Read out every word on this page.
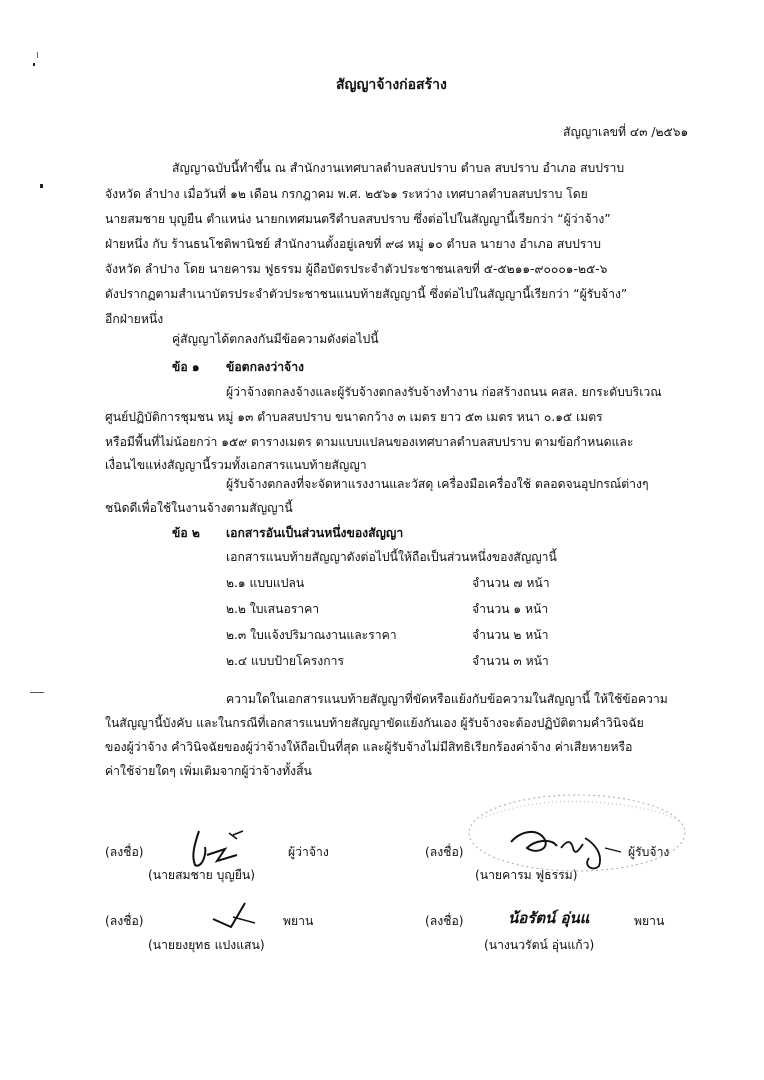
สัญญาจ้างก่อสร้าง
สัญญาเลขที่ ๔๓ /๒๕๖๑
สัญญาฉบับนี้ทำขึ้น ณ สำนักงานเทศบาลตำบลสบปราบ ตำบล สบปราบ อำเภอ สบปราบ
จังหวัด ลำปาง เมื่อวันที่ ๑๒ เดือน กรกฎาคม พ.ศ. ๒๕๖๑ ระหว่าง เทศบาลตำบลสบปราบ โดย
นายสมชาย บุญยืน ตำแหน่ง นายกเทศมนตรีตำบลสบปราบ ซึ่งต่อไปในสัญญานี้เรียกว่า “ผู้ว่าจ้าง”
ฝ่ายหนึ่ง กับ ร้านธนโชติพานิชย์ สำนักงานตั้งอยู่เลขที่ ๙๘ หมู่ ๑๐ ตำบล นายาง อำเภอ สบปราบ
จังหวัด ลำปาง โดย นายคารม ฟูธรรม ผู้ถือบัตรประจำตัวประชาชนเลขที่ ๕-๕๒๑๑-๙๐๐๐๑-๒๕-๖
ดังปรากฏตามสำเนาบัตรประจำตัวประชาชนแนบท้ายสัญญานี้ ซึ่งต่อไปในสัญญานี้เรียกว่า “ผู้รับจ้าง”
อีกฝ่ายหนึ่ง
คู่สัญญาได้ตกลงกันมีข้อความดังต่อไปนี้
ข้อ ๑ ข้อตกลงว่าจ้าง
ผู้ว่าจ้างตกลงจ้างและผู้รับจ้างตกลงรับจ้างทำงาน ก่อสร้างถนน คสล. ยกระดับบริเวณ
ศูนย์ปฏิบัติการชุมชน หมู่ ๑๓ ตำบลสบปราบ ขนาดกว้าง ๓ เมตร ยาว ๕๓ เมตร หนา ๐.๑๕ เมตร
หรือมีพื้นที่ไม่น้อยกว่า ๑๕๙ ตารางเมตร ตามแบบแปลนของเทศบาลตำบลสบปราบ ตามข้อกำหนดและ
เงื่อนไขแห่งสัญญานี้รวมทั้งเอกสารแนบท้ายสัญญา
ผู้รับจ้างตกลงที่จะจัดหาแรงงานและวัสดุ เครื่องมือเครื่องใช้ ตลอดจนอุปกรณ์ต่างๆ
ชนิดดีเพื่อใช้ในงานจ้างตามสัญญานี้
ข้อ ๒ เอกสารอันเป็นส่วนหนึ่งของสัญญา
เอกสารแนบท้ายสัญญาดังต่อไปนี้ให้ถือเป็นส่วนหนึ่งของสัญญานี้
๒.๑ แบบแปลน	จำนวน ๗ หน้า
๒.๒ ใบเสนอราคา	จำนวน ๑ หน้า
๒.๓ ใบแจ้งปริมาณงานและราคา	จำนวน ๒ หน้า
๒.๔ แบบป้ายโครงการ	จำนวน ๓ หน้า
ความใดในเอกสารแนบท้ายสัญญาที่ขัดหรือแย้งกับข้อความในสัญญานี้ ให้ใช้ข้อความ
ในสัญญานี้บังคับ และในกรณีที่เอกสารแนบท้ายสัญญาขัดแย้งกันเอง ผู้รับจ้างจะต้องปฏิบัติตามคำวินิจฉัย
ของผู้ว่าจ้าง คำวินิจฉัยของผู้ว่าจ้างให้ถือเป็นที่สุด และผู้รับจ้างไม่มีสิทธิเรียกร้องค่าจ้าง ค่าเสียหายหรือ
ค่าใช้จ่ายใดๆ เพิ่มเติมจากผู้ว่าจ้างทั้งสิ้น
(ลงชื่อ)	ผู้ว่าจ้าง
(นายสมชาย บุญยืน)
(ลงชื่อ)	ผู้รับจ้าง
(นายคารม ฟูธรรม)
(ลงชื่อ)	พยาน
(นายยงยุทธ แปงแสน)
(ลงชื่อ)	น้อรัตน์ อุ่นแ	พยาน
(นางนวรัตน์ อุ่นแก้ว)
